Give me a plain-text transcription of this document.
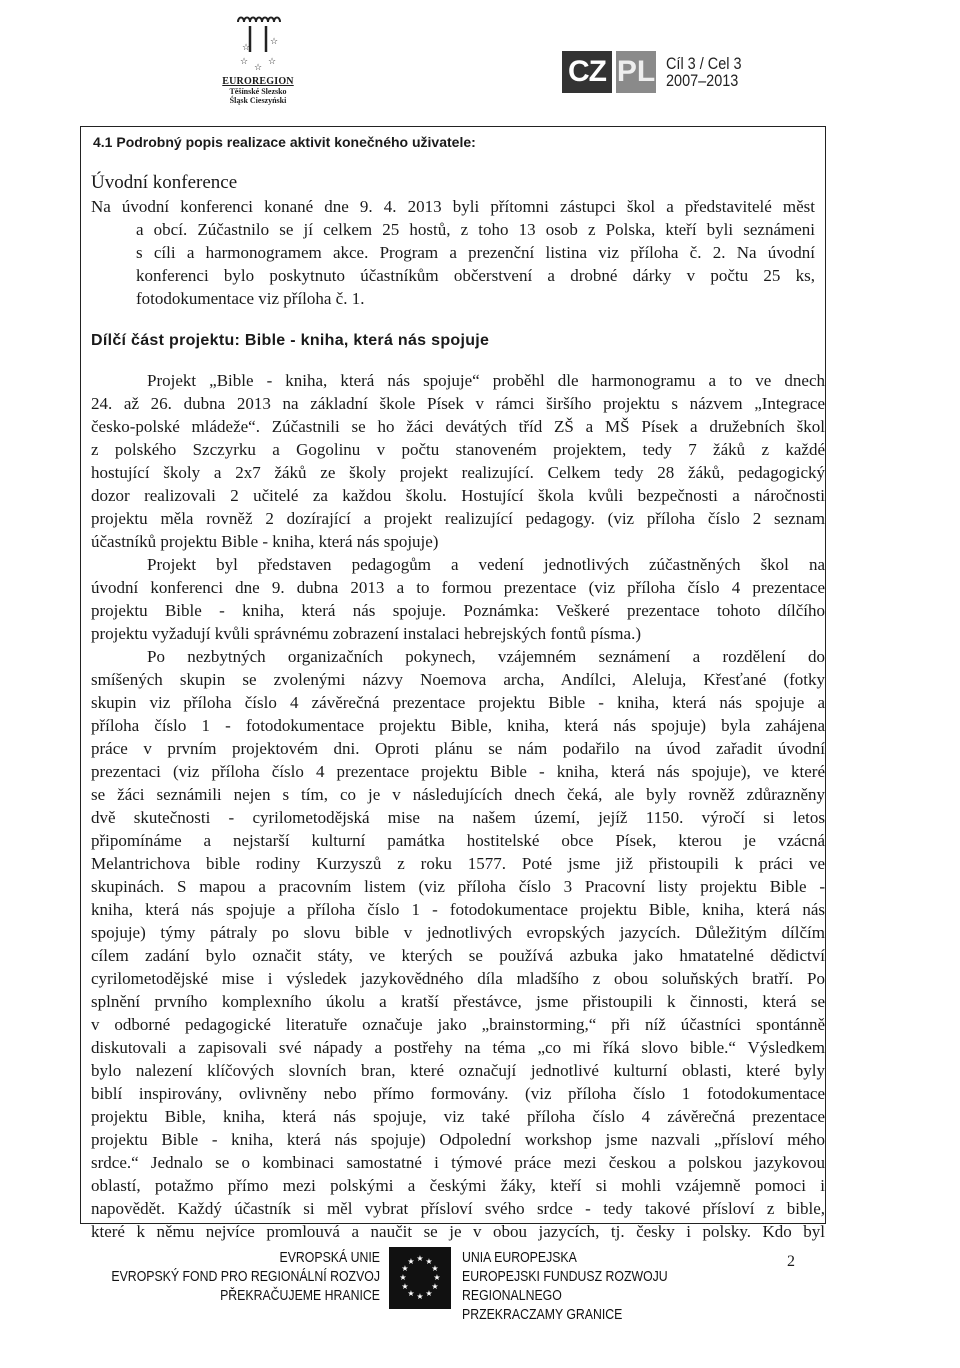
☆
☆
☆
☆
☆
EUROREGION
Těšínské Slezsko
Śląsk Cieszyński
CZ PL Cíl 3 / Cel 3
2007–2013
4.1 Podrobný popis realizace aktivit konečného uživatele:
Úvodní konference
Na úvodní konferenci konané dne 9. 4. 2013 byli přítomni zástupci škol a představitelé měst
a obcí. Zúčastnilo se jí celkem 25 hostů, z toho 13 osob z Polska, kteří byli seznámeni
s cíli a harmonogramem akce. Program a prezenční listina viz příloha č. 2. Na úvodní
konferenci bylo poskytnuto účastníkům občerstvení a drobné dárky v počtu 25 ks,
fotodokumentace viz příloha č. 1.
Dílčí část projektu: Bible - kniha, která nás spojuje
Projekt „Bible - kniha, která nás spojuje“ proběhl dle harmonogramu a to ve dnech
24. až 26. dubna 2013 na základní škole Písek v rámci širšího projektu s názvem „Integrace
česko-polské mládeže“. Zúčastnili se ho žáci devátých tříd ZŠ a MŠ Písek a družebních škol
z polského Szczyrku a Gogolinu v počtu stanoveném projektem, tedy 7 žáků z každé
hostující školy a 2x7 žáků ze školy projekt realizující. Celkem tedy 28 žáků, pedagogický
dozor realizovali 2 učitelé za každou školu. Hostující škola kvůli bezpečnosti a náročnosti
projektu měla rovněž 2 dozírající a projekt realizující pedagogy. (viz příloha číslo 2 seznam
účastníků projektu Bible - kniha, která nás spojuje)
Projekt byl představen pedagogům a vedení jednotlivých zúčastněných škol na
úvodní konferenci dne 9. dubna 2013 a to formou prezentace (viz příloha číslo 4 prezentace
projektu Bible - kniha, která nás spojuje. Poznámka: Veškeré prezentace tohoto dílčího
projektu vyžadují kvůli správnému zobrazení instalaci hebrejských fontů písma.)
Po nezbytných organizačních pokynech, vzájemném seznámení a rozdělení do
smíšených skupin se zvolenými názvy Noemova archa, Andílci, Aleluja, Křesťané (fotky
skupin viz příloha číslo 4 závěrečná prezentace projektu Bible - kniha, která nás spojuje a
příloha číslo 1 - fotodokumentace projektu Bible, kniha, která nás spojuje) byla zahájena
práce v prvním projektovém dni. Oproti plánu se nám podařilo na úvod zařadit úvodní
prezentaci (viz příloha číslo 4 prezentace projektu Bible - kniha, která nás spojuje), ve které
se žáci seznámili nejen s tím, co je v následujících dnech čeká, ale byly rovněž zdůrazněny
dvě skutečnosti - cyrilometodějská mise na našem území, jejíž 1150. výročí si letos
připomínáme a nejstarší kulturní památka hostitelské obce Písek, kterou je vzácná
Melantrichova bible rodiny Kurzyszů z roku 1577. Poté jsme již přistoupili k práci ve
skupinách. S mapou a pracovním listem (viz příloha číslo 3 Pracovní listy projektu Bible -
kniha, která nás spojuje a příloha číslo 1 - fotodokumentace projektu Bible, kniha, která nás
spojuje) týmy pátraly po slovu bible v jednotlivých evropských jazycích. Důležitým dílčím
cílem zadání bylo označit státy, ve kterých se používá azbuka jako hmatatelné dědictví
cyrilometodějské mise i výsledek jazykovědného díla mladšího z obou soluňských bratří. Po
splnění prvního komplexního úkolu a kratší přestávce, jsme přistoupili k činnosti, která se
v odborné pedagogické literatuře označuje jako „brainstorming,“ při níž účastníci spontánně
diskutovali a zapisovali své nápady a postřehy na téma „co mi říká slovo bible.“ Výsledkem
bylo nalezení klíčových slovních bran, které označují jednotlivé kulturní oblasti, které byly
biblí inspirovány, ovlivněny nebo přímo formovány. (viz příloha číslo 1 fotodokumentace
projektu Bible, kniha, která nás spojuje, viz také příloha číslo 4 závěrečná prezentace
projektu Bible - kniha, která nás spojuje) Odpolední workshop jsme nazvali „přísloví mého
srdce.“ Jednalo se o kombinaci samostatné i týmové práce mezi českou a polskou jazykovou
oblastí, potažmo přímo mezi polskými a českými žáky, kteří si mohli vzájemně pomoci i
napovědět. Každý účastník si měl vybrat přísloví svého srdce - tedy takové přísloví z bible,
které k němu nejvíce promlouvá a naučit se je v obou jazycích, tj. česky i polsky. Kdo byl
EVROPSKÁ UNIE
EVROPSKÝ FOND PRO REGIONÁLNÍ ROZVOJ
PŘEKRAČUJEME HRANICE
★ ★
★
★
★
★
★
★
★
★
★
★	UNIA EUROPEJSKA
EUROPEJSKI FUNDUSZ ROZWOJU REGIONALNEGO
PRZEKRACZAMY GRANICE
2
